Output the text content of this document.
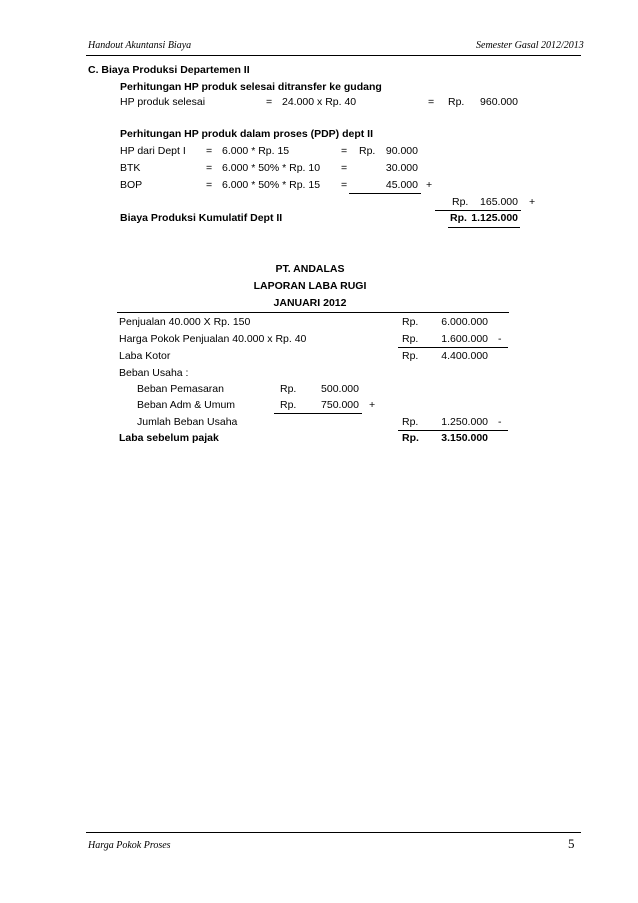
Handout Akuntansi Biaya	Semester Gasal 2012/2013
C. Biaya Produksi Departemen II
Perhitungan HP produk selesai ditransfer ke gudang
HP produk selesai	= 24.000 x Rp. 40	= Rp.	960.000
Perhitungan HP produk dalam proses (PDP) dept II
HP dari Dept I = 6.000 * Rp. 15	= Rp.	90.000
BTK	= 6.000 * 50% * Rp. 10 =	30.000
BOP	= 6.000 * 50% * Rp. 15 =	45.000 +
Rp.	165.000 +
Biaya Produksi Kumulatif Dept II	Rp. 1.125.000
PT. ANDALAS
LAPORAN LABA RUGI
JANUARI 2012
Penjualan 40.000 X Rp. 150	Rp.	6.000.000
Harga Pokok Penjualan 40.000 x Rp. 40	Rp.	1.600.000 -
Laba Kotor	Rp.	4.400.000
Beban Usaha :
Beban Pemasaran	Rp.	500.000
Beban Adm & Umum	Rp.	750.000 +
Jumlah Beban Usaha	Rp.	1.250.000 -
Laba sebelum pajak	Rp.	3.150.000
Harga Pokok Proses	5
